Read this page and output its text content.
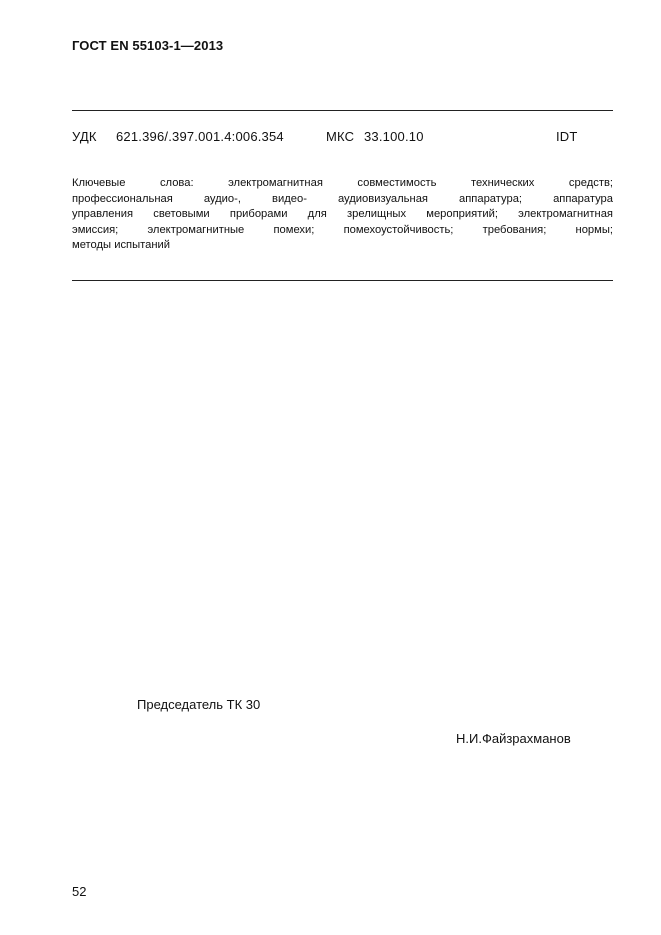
ГОСТ EN 55103-1—2013
УДК 621.396/.397.001.4:006.354	МКС 33.100.10	IDT
Ключевые слова: электромагнитная совместимость технических средств;
профессиональная аудио-, видео- аудиовизуальная аппаратура; аппаратура
управления световыми приборами для зрелищных мероприятий; электромагнитная
эмиссия; электромагнитные помехи; помехоустойчивость; требования; нормы;
методы испытаний
Председатель ТК 30
Н.И.Файзрахманов
52
